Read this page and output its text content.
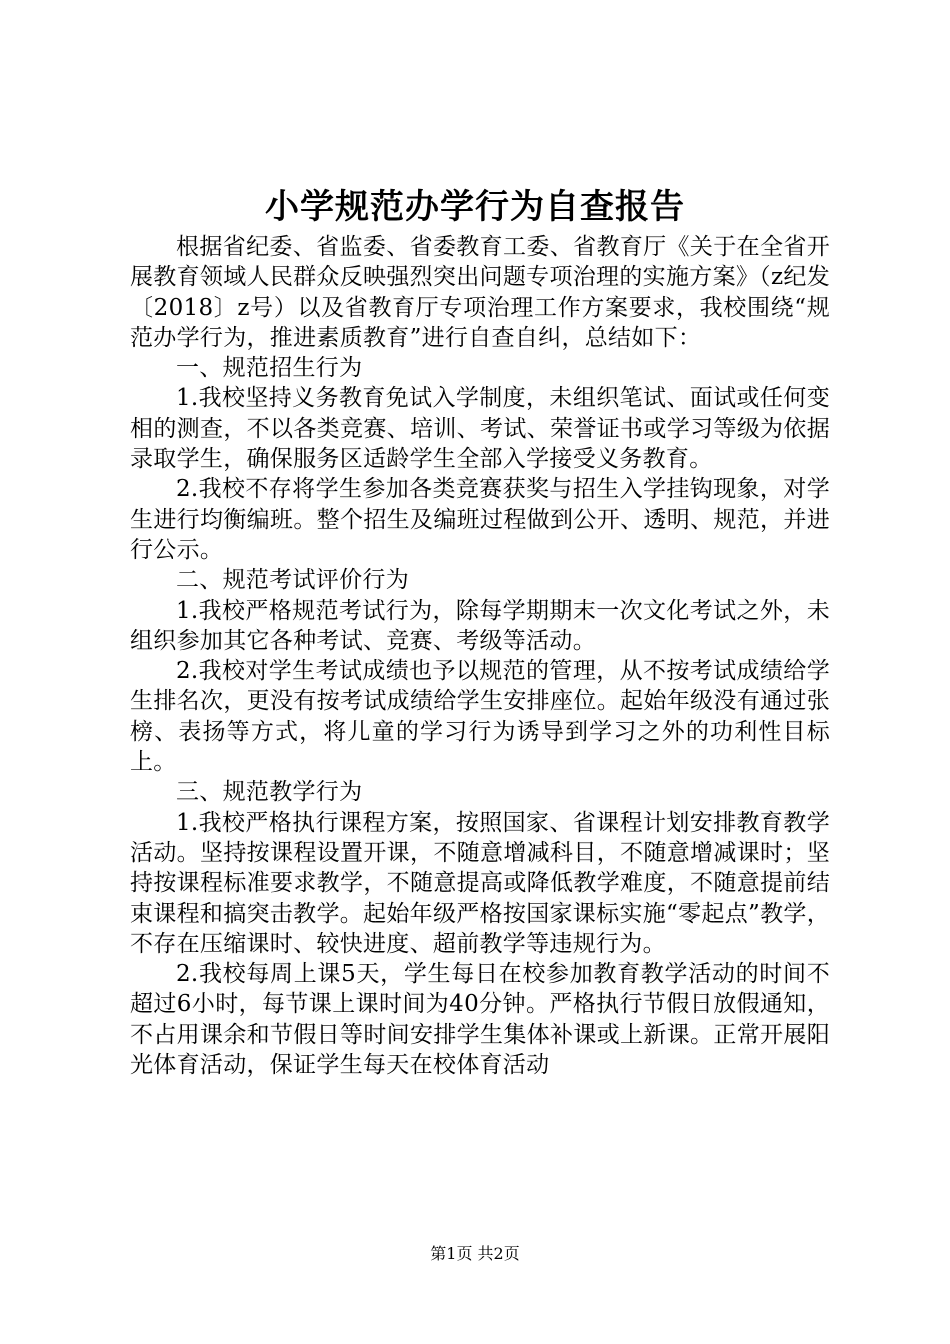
小学规范办学行为自查报告

根据省纪委、省监委、省委教育工委、省教育厅《关于在全省开展教育领域人民群众反映强烈突出问题专项治理的实施方案》（z纪发〔2018〕z号）以及省教育厅专项治理工作方案要求，我校围绕“规范办学行为，推进素质教育”进行自查自纠，总结如下：

一、规范招生行为

1.我校坚持义务教育免试入学制度，未组织笔试、面试或任何变相的测查，不以各类竞赛、培训、考试、荣誉证书或学习等级为依据录取学生，确保服务区适龄学生全部入学接受义务教育。

2.我校不存将学生参加各类竞赛获奖与招生入学挂钩现象，对学生进行均衡编班。整个招生及编班过程做到公开、透明、规范，并进行公示。

二、规范考试评价行为

1.我校严格规范考试行为，除每学期期末一次文化考试之外，未组织参加其它各种考试、竞赛、考级等活动。

2.我校对学生考试成绩也予以规范的管理，从不按考试成绩给学生排名次，更没有按考试成绩给学生安排座位。起始年级没有通过张榜、表扬等方式，将儿童的学习行为诱导到学习之外的功利性目标上。

三、规范教学行为

1.我校严格执行课程方案，按照国家、省课程计划安排教育教学活动。坚持按课程设置开课，不随意增减科目，不随意增减课时；坚持按课程标准要求教学，不随意提高或降低教学难度，不随意提前结束课程和搞突击教学。起始年级严格按国家课标实施“零起点”教学，不存在压缩课时、较快进度、超前教学等违规行为。

2.我校每周上课5天，学生每日在校参加教育教学活动的时间不超过6小时，每节课上课时间为40分钟。严格执行节假日放假通知，不占用课余和节假日等时间安排学生集体补课或上新课。正常开展阳光体育活动，保证学生每天在校体育活动

第1页 共2页
